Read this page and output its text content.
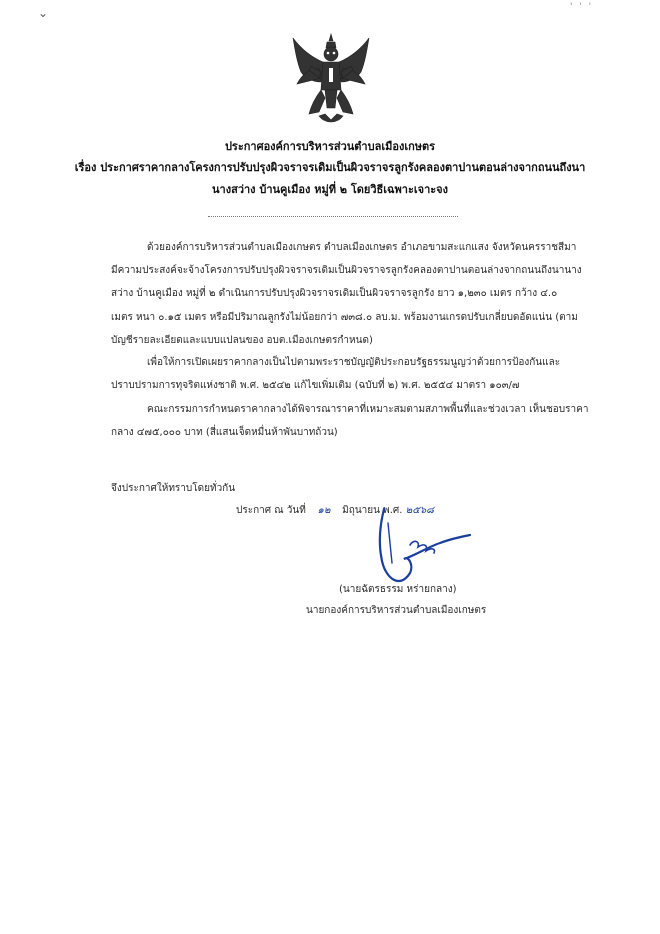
⌄	' ' '
ประกาศองค์การบริหารส่วนตำบลเมืองเกษตร
เรื่อง ประกาศราคากลางโครงการปรับปรุงผิวจราจรเดิมเป็นผิวจราจรลูกรังคลองตาปานตอนล่างจากถนนถึงนา
นางสว่าง บ้านคูเมือง หมู่ที่ ๒ โดยวิธีเฉพาะเจาะจง
ด้วยองค์การบริหารส่วนตำบลเมืองเกษตร ตำบลเมืองเกษตร อำเภอขามสะแกแสง จังหวัดนครราชสีมา
มีความประสงค์จะจ้างโครงการปรับปรุงผิวจราจรเดิมเป็นผิวจราจรลูกรังคลองตาปานตอนล่างจากถนนถึงนานาง
สว่าง บ้านคูเมือง หมู่ที่ ๒ ดำเนินการปรับปรุงผิวจราจรเดิมเป็นผิวจราจรลูกรัง ยาว ๑,๒๓๐ เมตร กว้าง ๔.๐
เมตร หนา ๐.๑๕ เมตร หรือมีปริมาณลูกรังไม่น้อยกว่า ๗๓๘.๐ ลบ.ม. พร้อมงานเกรดปรับเกลี่ยบดอัดแน่น (ตาม
บัญชีรายละเอียดและแบบแปลนของ อบต.เมืองเกษตรกำหนด)
เพื่อให้การเปิดเผยราคากลางเป็นไปตามพระราชบัญญัติประกอบรัฐธรรมนูญว่าด้วยการป้องกันและ
ปราบปรามการทุจริตแห่งชาติ พ.ศ. ๒๕๔๒ แก้ไขเพิ่มเติม (ฉบับที่ ๒) พ.ศ. ๒๕๕๔ มาตรา ๑๐๓/๗
คณะกรรมการกำหนดราคากลางได้พิจารณาราคาที่เหมาะสมตามสภาพพื้นที่และช่วงเวลา เห็นชอบราคา
กลาง ๔๗๕,๐๐๐ บาท (สี่แสนเจ็ดหมื่นห้าพันบาทถ้วน)
จึงประกาศให้ทราบโดยทั่วกัน
ประกาศ ณ วันที่ ๑๒ มิถุนายน พ.ศ. ๒๕๖๘
(นายฉัตรธรรม หร่ายกลาง)
นายกองค์การบริหารส่วนตำบลเมืองเกษตร
